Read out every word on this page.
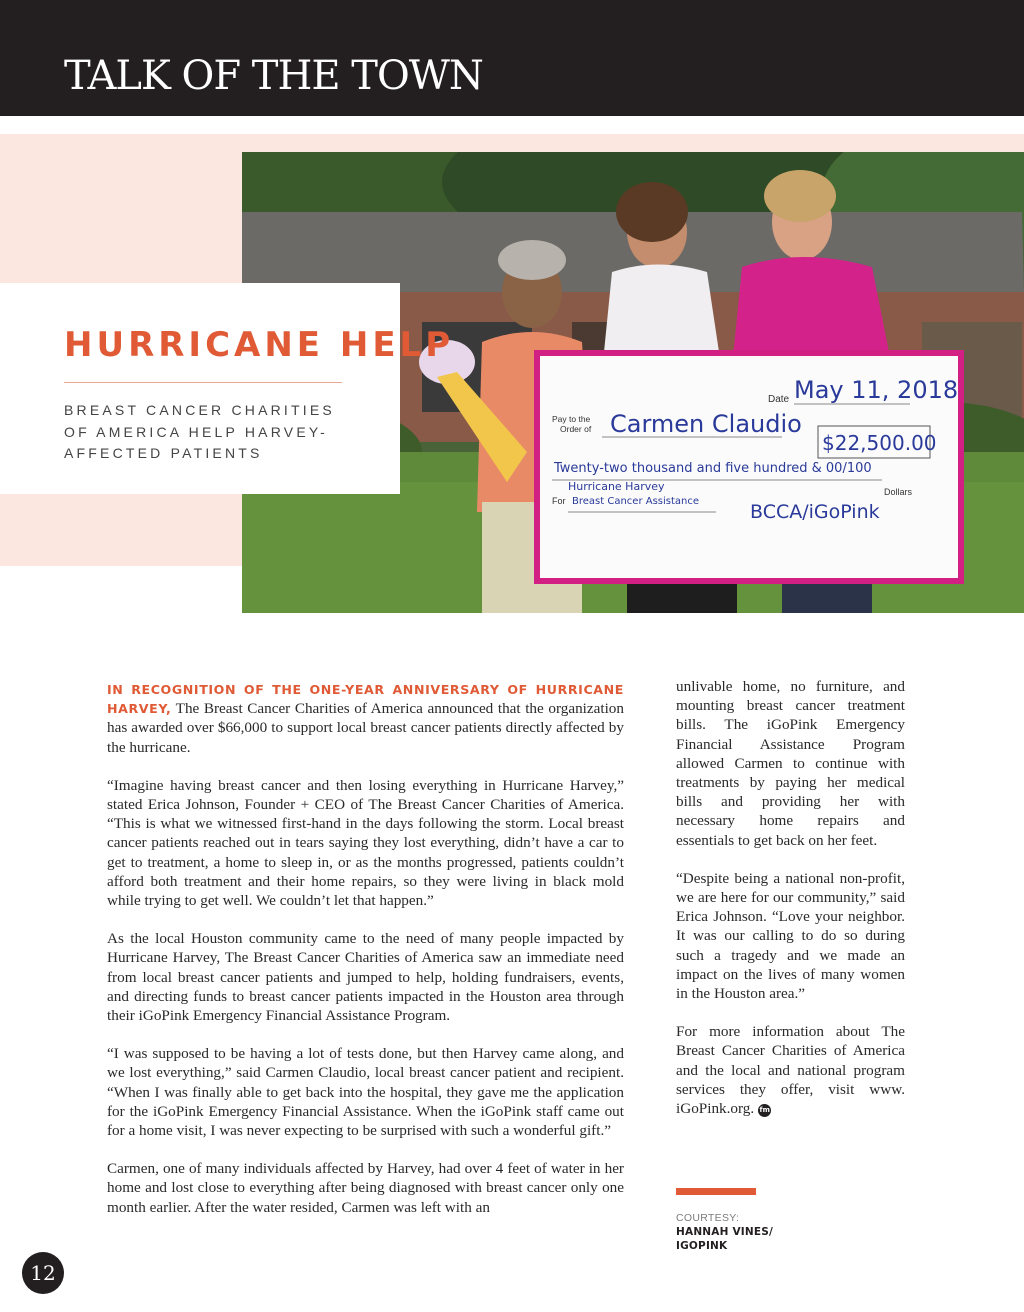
TALK OF THE TOWN
Date May 11, 2018
Pay to the
Order of Carmen Claudio
$22,500.00
Twenty-two thousand and five hundred & 00/100
Dollars
Hurricane Harvey
For Breast Cancer Assistance	BCCA/iGoPink
HURRICANE HELP

BREAST CANCER CHARITIES OF AMERICA HELP HARVEY-AFFECTED PATIENTS

IN RECOGNITION OF THE ONE-YEAR ANNIVERSARY OF HURRICANE HARVEY, The Breast Cancer Charities of America announced that the organization has awarded over $66,000 to support local breast cancer patients directly affected by the hurricane.

“Imagine having breast cancer and then losing everything in Hurricane Harvey,” stated Erica Johnson, Founder + CEO of The Breast Cancer Charities of America. “This is what we witnessed first-hand in the days following the storm. Local breast cancer patients reached out in tears saying they lost everything, didn’t have a car to get to treatment, a home to sleep in, or as the months progressed, patients couldn’t afford both treatment and their home repairs, so they were living in black mold while trying to get well. We couldn’t let that happen.”

As the local Houston community came to the need of many people impacted by Hurricane Harvey, The Breast Cancer Charities of America saw an immediate need from local breast cancer patients and jumped to help, holding fundraisers, events, and directing funds to breast cancer patients impacted in the Houston area through their iGoPink Emergency Financial Assistance Program.

“I was supposed to be having a lot of tests done, but then Harvey came along, and we lost everything,” said Carmen Claudio, local breast cancer patient and recipient. “When I was finally able to get back into the hospital, they gave me the application for the iGoPink Emergency Financial Assistance. When the iGoPink staff came out for a home visit, I was never expecting to be surprised with such a wonderful gift.”

Carmen, one of many individuals affected by Harvey, had over 4 feet of water in her home and lost close to everything after being diagnosed with breast cancer only one month earlier. After the water resided, Carmen was left with an

unlivable home, no furniture, and mounting breast cancer treatment bills. The iGoPink Emergency Financial Assistance Program allowed Carmen to continue with treatments by paying her medical bills and providing her with necessary home repairs and essentials to get back on her feet.

“Despite being a national non-profit, we are here for our community,” said Erica Johnson. “Love your neighbor. It was our calling to do so during such a tragedy and we made an impact on the lives of many women in the Houston area.”

For more information about The Breast Cancer Charities of America and the local and national program services they offer, visit www. iGoPink.org. fm

COURTESY:

HANNAH VINES/ IGOPINK

12
